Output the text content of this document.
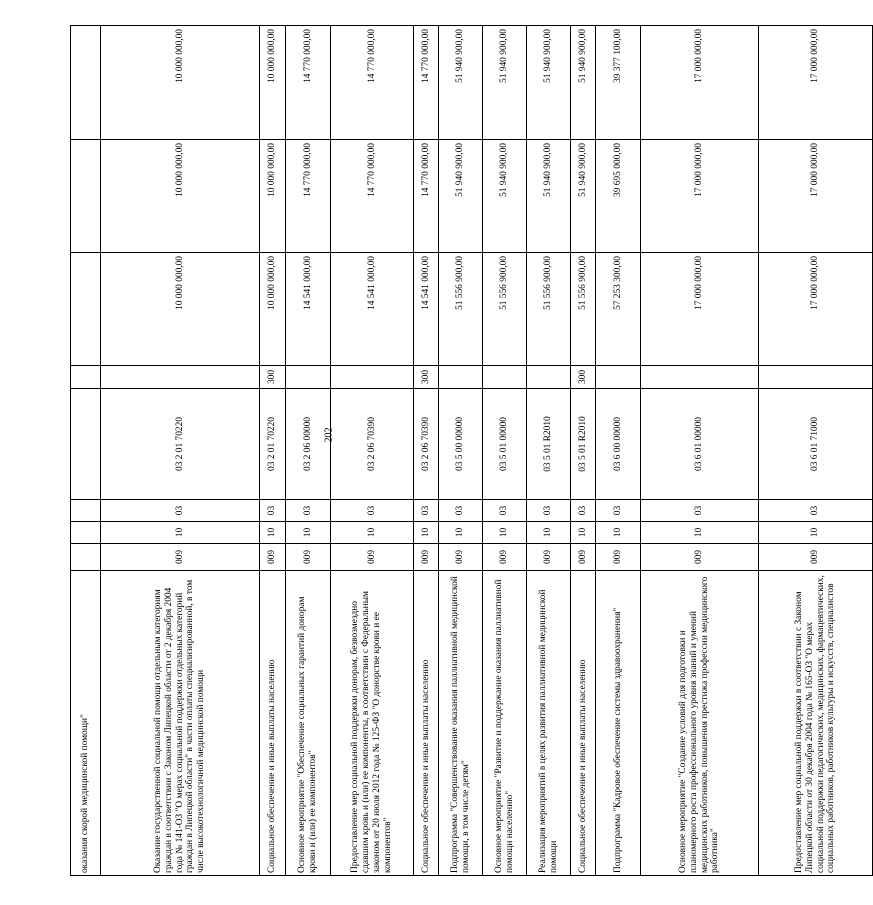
202
оказания скорой медицинской помощи"								
Оказание государственной социальной помощи отдельным категориям граждан в соответствии с Законом Липецкой области от 2 декабря 2004 года № 141-ОЗ "О мерах социальной поддержки отдельных категорий граждан в Липецкой области" в части оплаты специализированной, в том числе высокотехнологичной медицинской помощи	009	10	03	03 2 01 70220		10 000 000,00	10 000 000,00	10 000 000,00
Социальное обеспечение и иные выплаты населению	009	10	03	03 2 01 70220	300	10 000 000,00	10 000 000,00	10 000 000,00
Основное мероприятие "Обеспечение социальных гарантий донорам крови и (или) ее компонентов"	009	10	03	03 2 06 00000		14 541 000,00	14 770 000,00	14 770 000,00
Предоставление мер социальной поддержки донорам, безвозмездно сдавшим кровь и (или) ее компоненты, в соответствии с Федеральным законом от 20 июля 2012 года № 125-ФЗ "О донорстве крови и ее компонентов"	009	10	03	03 2 06 70390		14 541 000,00	14 770 000,00	14 770 000,00
Социальное обеспечение и иные выплаты населению	009	10	03	03 2 06 70390	300	14 541 000,00	14 770 000,00	14 770 000,00
Подпрограмма "Совершенствование оказания паллиативной медицинской помощи, в том числе детям"	009	10	03	03 5 00 00000		51 556 900,00	51 940 900,00	51 940 900,00
Основное мероприятие "Развитие и поддержание оказания паллиативной помощи населению"	009	10	03	03 5 01 00000		51 556 900,00	51 940 900,00	51 940 900,00
Реализация мероприятий в целях развития паллиативной медицинской помощи	009	10	03	03 5 01 R2010		51 556 900,00	51 940 900,00	51 940 900,00
Социальное обеспечение и иные выплаты населению	009	10	03	03 5 01 R2010	300	51 556 900,00	51 940 900,00	51 940 900,00
Подпрограмма "Кадровое обеспечение системы здравоохранения"	009	10	03	03 6 00 00000		57 253 300,00	39 695 000,00	39 377 100,00
Основное мероприятие "Создание условий для подготовки и планомерного роста профессионального уровня знаний и умений медицинских работников, повышения престижа профессии медицинского работника"	009	10	03	03 6 01 00000		17 000 000,00	17 000 000,00	17 000 000,00
Предоставление мер социальной поддержки в соответствии с Законом Липецкой области от 30 декабря 2004 года № 165-ОЗ "О мерах социальной поддержки педагогических, медицинских, фармацевтических, социальных работников, работников культуры и искусств, специалистов	009	10	03	03 6 01 71000		17 000 000,00	17 000 000,00	17 000 000,00
